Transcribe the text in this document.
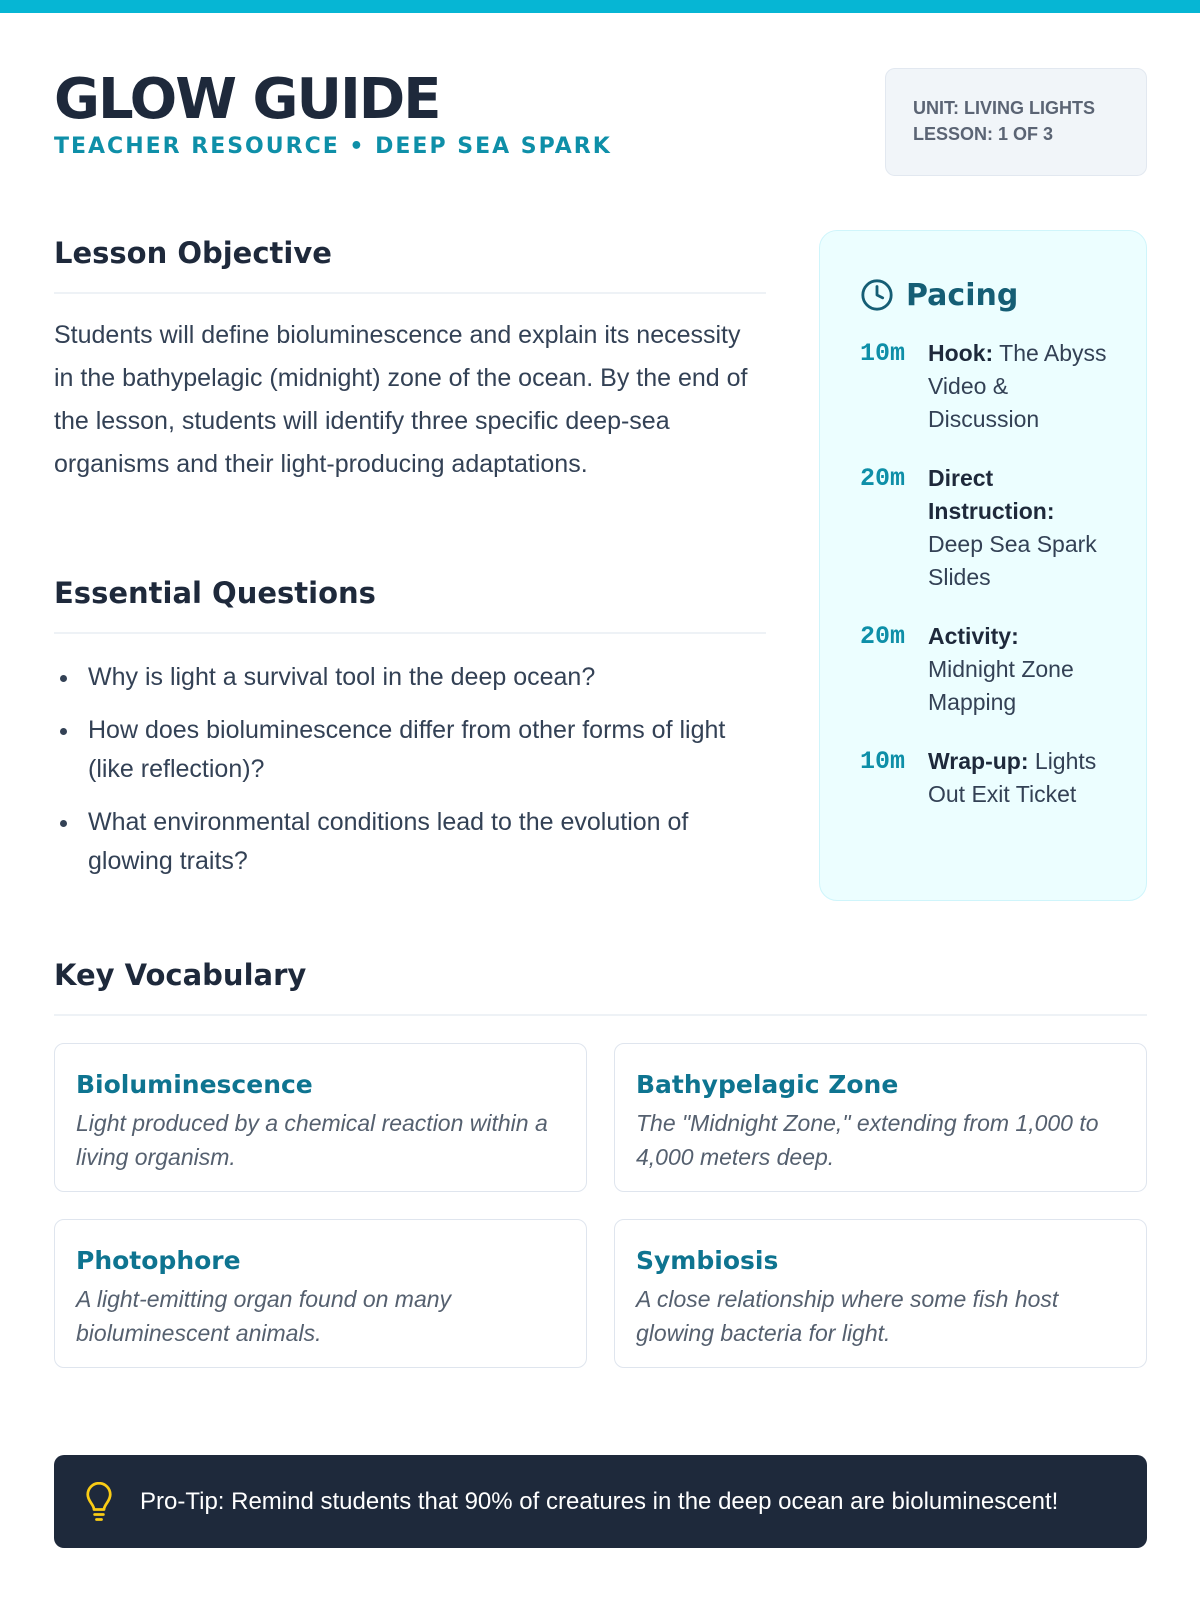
GLOW GUIDE
TEACHER RESOURCE • DEEP SEA SPARK
UNIT: LIVING LIGHTS
LESSON: 1 OF 3
Lesson Objective

Students will define bioluminescence and explain its necessity in the bathypelagic (midnight) zone of the ocean. By the end of the lesson, students will identify three specific deep-sea organisms and their light-producing adaptations.

Essential Questions
Why is light a survival tool in the deep ocean?
How does bioluminescence differ from other forms of light (like reflection)?
What environmental conditions lead to the evolution of glowing traits?
Pacing
10m Hook: The Abyss Video & Discussion
20m Direct Instruction: Deep Sea Spark Slides
20m Activity: Midnight Zone Mapping
10m Wrap-up: Lights Out Exit Ticket
Key Vocabulary
Bioluminescence
Light produced by a chemical reaction within a living organism.
Bathypelagic Zone
The "Midnight Zone," extending from 1,000 to 4,000 meters deep.
Photophore
A light-emitting organ found on many bioluminescent animals.
Symbiosis
A close relationship where some fish host glowing bacteria for light.
Pro-Tip: Remind students that 90% of creatures in the deep ocean are bioluminescent!
